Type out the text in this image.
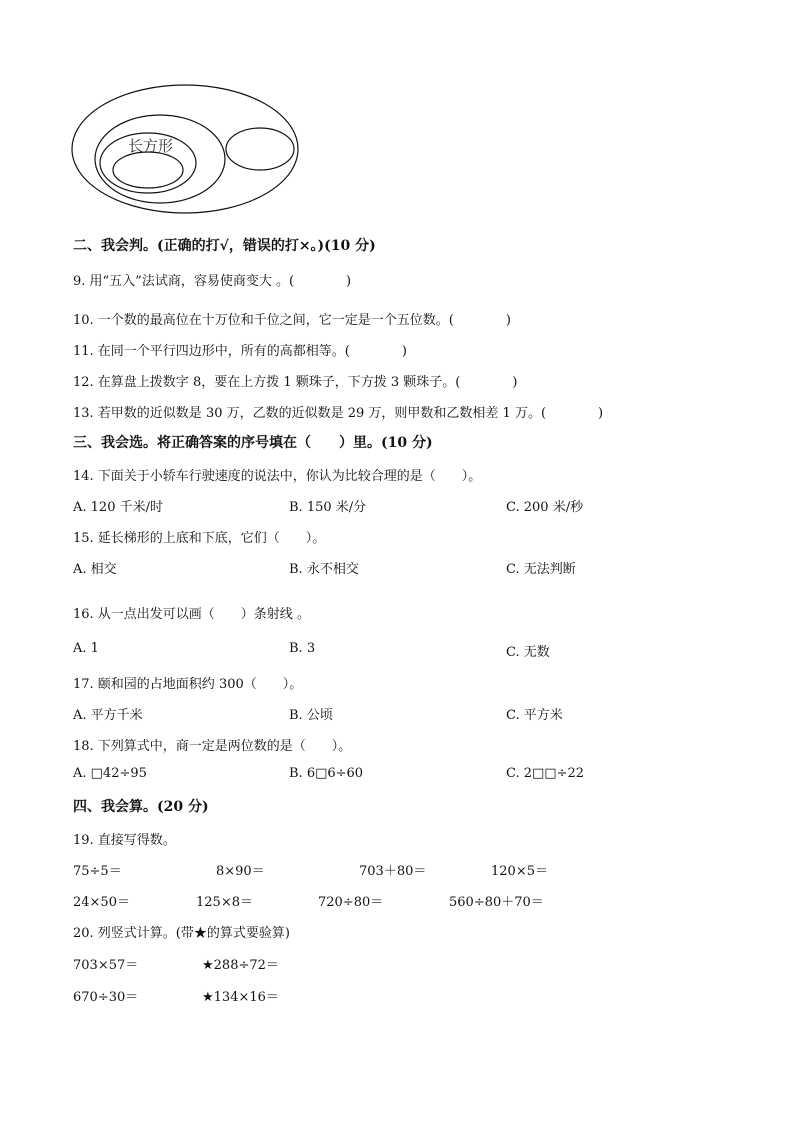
长方形
二、我会判。(正确的打√，错误的打×。)(10 分)
9. 用“五入”法试商，容易使商变大 。(　　　　)
10. 一个数的最高位在十万位和千位之间，它一定是一个五位数。(　　　　)
11. 在同一个平行四边形中，所有的高都相等。(　　　　)
12. 在算盘上拨数字 8，要在上方拨 1 颗珠子，下方拨 3 颗珠子。(　　　　)
13. 若甲数的近似数是 30 万，乙数的近似数是 29 万，则甲数和乙数相差 1 万。(　　　　)
三、我会选。将正确答案的序号填在（　　）里。(10 分)
14. 下面关于小轿车行驶速度的说法中，你认为比较合理的是（　　）。
A. 120 千米/时	B. 150 米/分	C. 200 米/秒
15. 延长梯形的上底和下底，它们（　　）。
A. 相交	B. 永不相交	C. 无法判断
16. 从一点出发可以画（　　）条射线 。
A. 1	B. 3	C. 无数
17. 颐和园的占地面积约 300（　　）。
A. 平方千米	B. 公顷	C. 平方米
18. 下列算式中，商一定是两位数的是（　　）。
A. □42÷95	B. 6□6÷60	C. 2□□÷22
四、我会算。(20 分)
19. 直接写得数。
75÷5＝	8×90＝	703＋80＝	120×5＝
24×50＝	125×8＝	720÷80＝	560÷80＋70＝
20. 列竖式计算。(带★的算式要验算)
703×57＝	★288÷72＝
670÷30＝	★134×16＝
